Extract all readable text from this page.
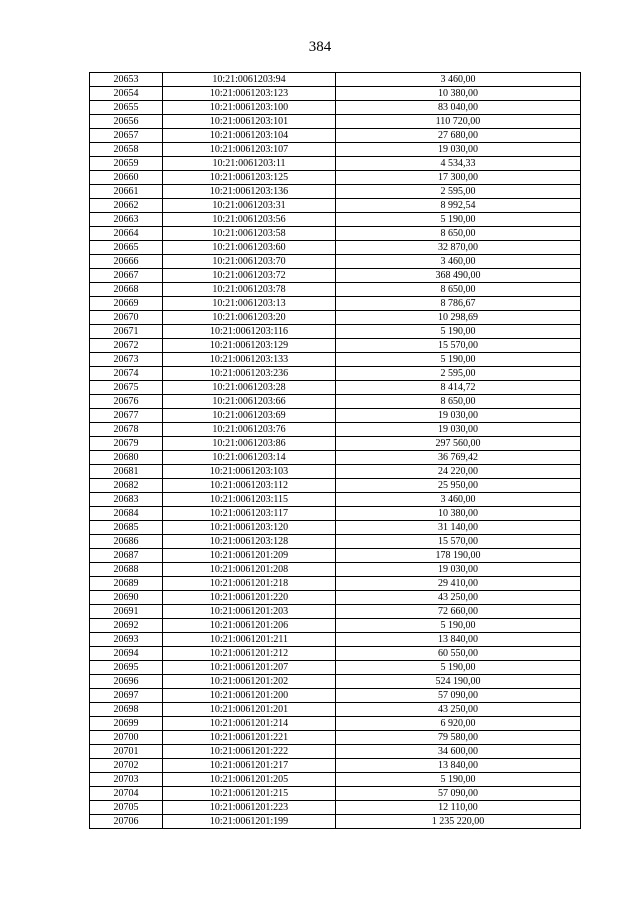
384
20653	10:21:0061203:94	3 460,00
20654	10:21:0061203:123	10 380,00
20655	10:21:0061203:100	83 040,00
20656	10:21:0061203:101	110 720,00
20657	10:21:0061203:104	27 680,00
20658	10:21:0061203:107	19 030,00
20659	10:21:0061203:11	4 534,33
20660	10:21:0061203:125	17 300,00
20661	10:21:0061203:136	2 595,00
20662	10:21:0061203:31	8 992,54
20663	10:21:0061203:56	5 190,00
20664	10:21:0061203:58	8 650,00
20665	10:21:0061203:60	32 870,00
20666	10:21:0061203:70	3 460,00
20667	10:21:0061203:72	368 490,00
20668	10:21:0061203:78	8 650,00
20669	10:21:0061203:13	8 786,67
20670	10:21:0061203:20	10 298,69
20671	10:21:0061203:116	5 190,00
20672	10:21:0061203:129	15 570,00
20673	10:21:0061203:133	5 190,00
20674	10:21:0061203:236	2 595,00
20675	10:21:0061203:28	8 414,72
20676	10:21:0061203:66	8 650,00
20677	10:21:0061203:69	19 030,00
20678	10:21:0061203:76	19 030,00
20679	10:21:0061203:86	297 560,00
20680	10:21:0061203:14	36 769,42
20681	10:21:0061203:103	24 220,00
20682	10:21:0061203:112	25 950,00
20683	10:21:0061203:115	3 460,00
20684	10:21:0061203:117	10 380,00
20685	10:21:0061203:120	31 140,00
20686	10:21:0061203:128	15 570,00
20687	10:21:0061201:209	178 190,00
20688	10:21:0061201:208	19 030,00
20689	10:21:0061201:218	29 410,00
20690	10:21:0061201:220	43 250,00
20691	10:21:0061201:203	72 660,00
20692	10:21:0061201:206	5 190,00
20693	10:21:0061201:211	13 840,00
20694	10:21:0061201:212	60 550,00
20695	10:21:0061201:207	5 190,00
20696	10:21:0061201:202	524 190,00
20697	10:21:0061201:200	57 090,00
20698	10:21:0061201:201	43 250,00
20699	10:21:0061201:214	6 920,00
20700	10:21:0061201:221	79 580,00
20701	10:21:0061201:222	34 600,00
20702	10:21:0061201:217	13 840,00
20703	10:21:0061201:205	5 190,00
20704	10:21:0061201:215	57 090,00
20705	10:21:0061201:223	12 110,00
20706	10:21:0061201:199	1 235 220,00
